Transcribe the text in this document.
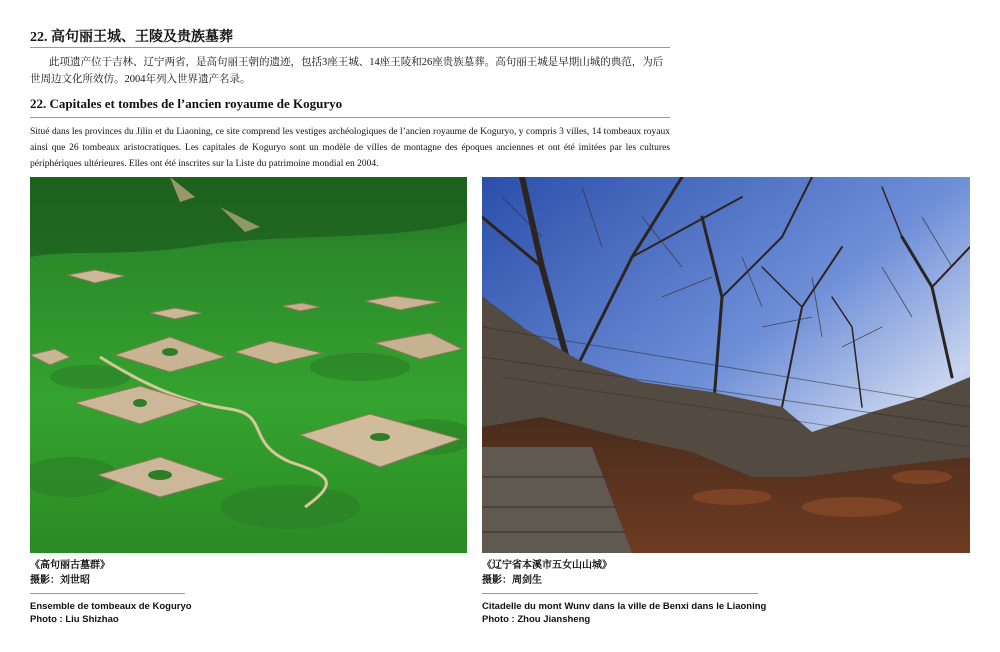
22. 高句丽王城、王陵及贵族墓葬
此项遗产位于吉林、辽宁两省，是高句丽王朝的遗迹，包括3座王城、14座王陵和26座贵族墓葬。高句丽王城是早期山城的典范，为后世周边文化所效仿。2004年列入世界遗产名录。
22. Capitales et tombes de l’ancien royaume de Koguryo
Situé dans les provinces du Jilin et du Liaoning, ce site comprend les vestiges archéologiques de l’ancien royaume de Koguryo, y compris 3 villes, 14 tombeaux royaux ainsi que 26 tombeaux aristocratiques. Les capitales de Koguryo sont un modèle de villes de montagne des époques anciennes et ont été imitées par les cultures périphériques ultérieures. Elles ont été inscrites sur la Liste du patrimoine mondial en 2004.
《高句丽古墓群》
摄影：刘世昭
Ensemble de tombeaux de Koguryo
Photo : Liu Shizhao
《辽宁省本溪市五女山山城》
摄影：周剑生
Citadelle du mont Wunv dans la ville de Benxi dans le Liaoning
Photo : Zhou Jiansheng
